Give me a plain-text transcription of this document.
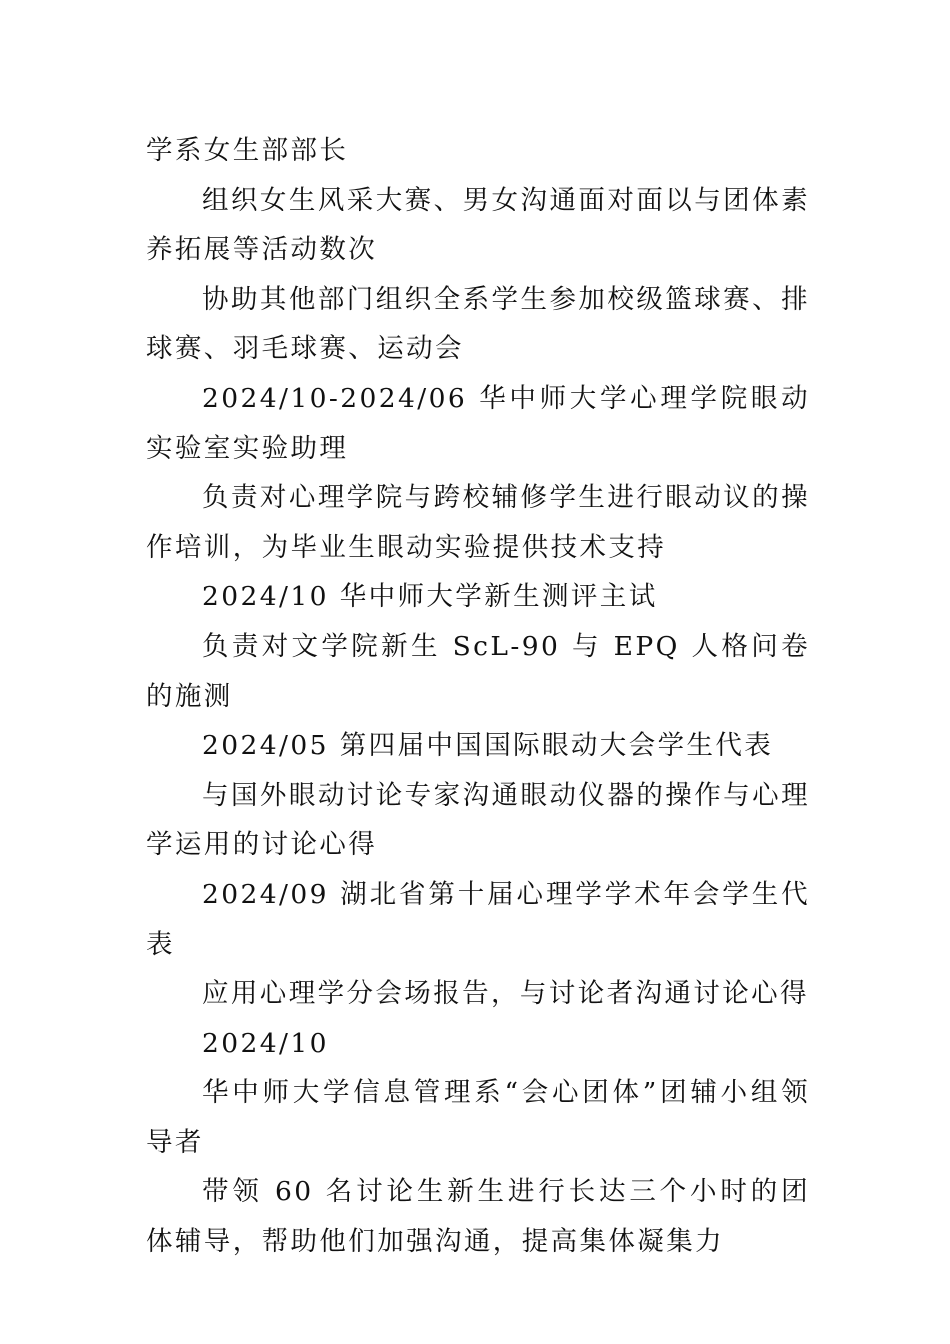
学系女生部部长

组织女生风采大赛、男女沟通面对面以与团体素养拓展等活动数次

协助其他部门组织全系学生参加校级篮球赛、排球赛、羽毛球赛、运动会

2024/10-2024/06 华中师大学心理学院眼动实验室实验助理

负责对心理学院与跨校辅修学生进行眼动议的操作培训，为毕业生眼动实验提供技术支持

2024/10 华中师大学新生测评主试

负责对文学院新生 ScL-90 与 EPQ 人格问卷的施测

2024/05 第四届中国国际眼动大会学生代表

与国外眼动讨论专家沟通眼动仪器的操作与心理学运用的讨论心得

2024/09 湖北省第十届心理学学术年会学生代表

应用心理学分会场报告，与讨论者沟通讨论心得

2024/10

华中师大学信息管理系“会心团体”团辅小组领导者

带领 60 名讨论生新生进行长达三个小时的团体辅导，帮助他们加强沟通，提高集体凝集力
